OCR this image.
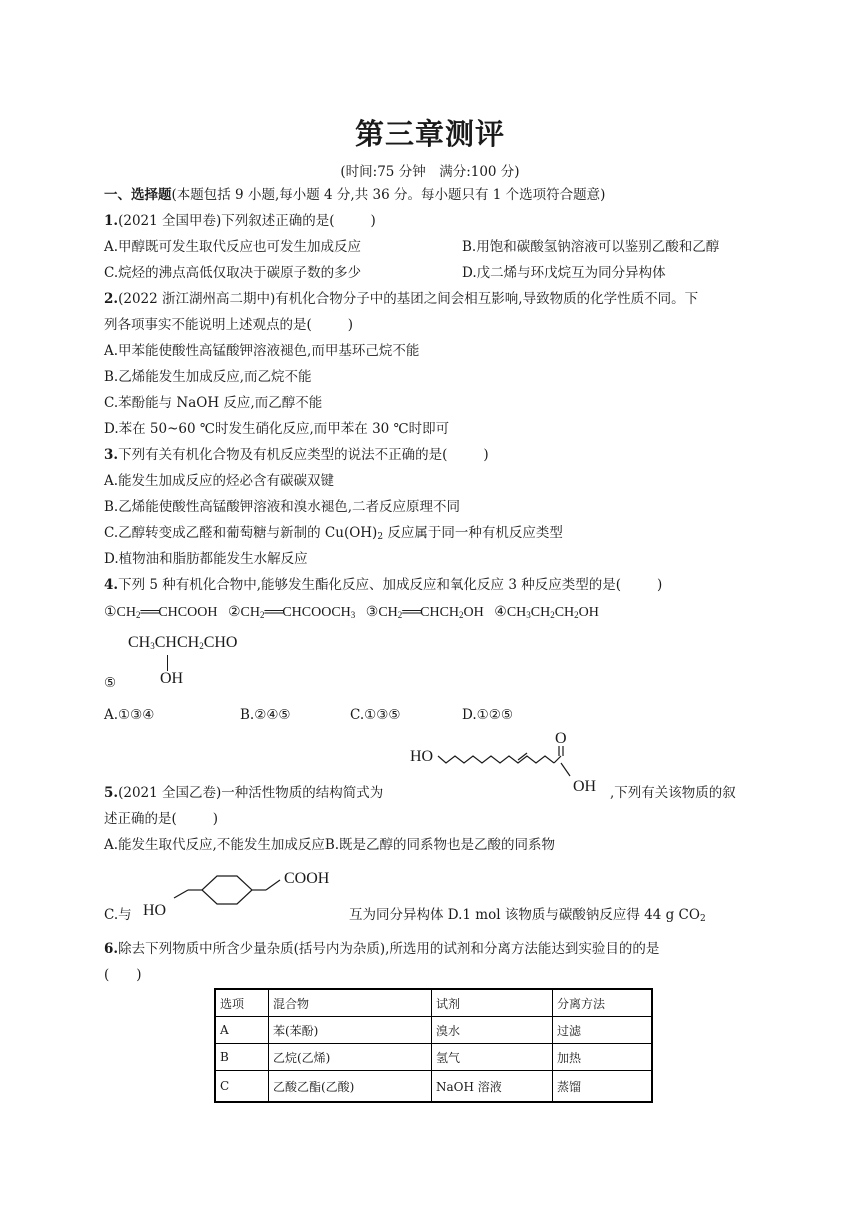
第三章测评
(时间:75 分钟　满分:100 分)
一、选择题(本题包括 9 小题,每小题 4 分,共 36 分。每小题只有 1 个选项符合题意)
1.(2021 全国甲卷)下列叙述正确的是(	)
A.甲醇既可发生取代反应也可发生加成反应	B.用饱和碳酸氢钠溶液可以鉴别乙酸和乙醇
C.烷烃的沸点高低仅取决于碳原子数的多少	D.戊二烯与环戊烷互为同分异构体
2.(2022 浙江湖州高二期中)有机化合物分子中的基团之间会相互影响,导致物质的化学性质不同。下
列各项事实不能说明上述观点的是(	)
A.甲苯能使酸性高锰酸钾溶液褪色,而甲基环己烷不能
B.乙烯能发生加成反应,而乙烷不能
C.苯酚能与 NaOH 反应,而乙醇不能
D.苯在 50~60 ℃时发生硝化反应,而甲苯在 30 ℃时即可
3.下列有关有机化合物及有机反应类型的说法不正确的是(	)
A.能发生加成反应的烃必含有碳碳双键
B.乙烯能使酸性高锰酸钾溶液和溴水褪色,二者反应原理不同
C.乙醇转变成乙醛和葡萄糖与新制的 $Cu(OH)_2$ 反应属于同一种有机反应类型
D.植物油和脂肪都能发生水解反应
4.下列 5 种有机化合物中,能够发生酯化反应、加成反应和氧化反应 3 种反应类型的是(	)
$①CH_2══CHCOOH$ $②CH_2══CHCOOCH_3$ $③CH_2══CHCH_2OH$ $④CH_3CH_2CH_2OH$
$CH_3CHCH_2CHO$
OH
⑤
A.①③④	B.②④⑤	C.①③⑤	D.①②⑤
HO
O
OH
5.(2021 全国乙卷)一种活性物质的结构简式为	,下列有关该物质的叙
述正确的是(	)
A.能发生取代反应,不能发生加成反应B.既是乙醇的同系物也是乙酸的同系物
HO
COOH
C.与	互为同分异构体 D.1 mol 该物质与碳酸钠反应得 44 g $CO_2$
6.除去下列物质中所含少量杂质(括号内为杂质),所选用的试剂和分离方法能达到实验目的的是
(　　)
选项	混合物	试剂	分离方法
A	苯(苯酚)	溴水	过滤
B	乙烷(乙烯)	氢气	加热
C	乙酸乙酯(乙酸)	NaOH 溶液	蒸馏
